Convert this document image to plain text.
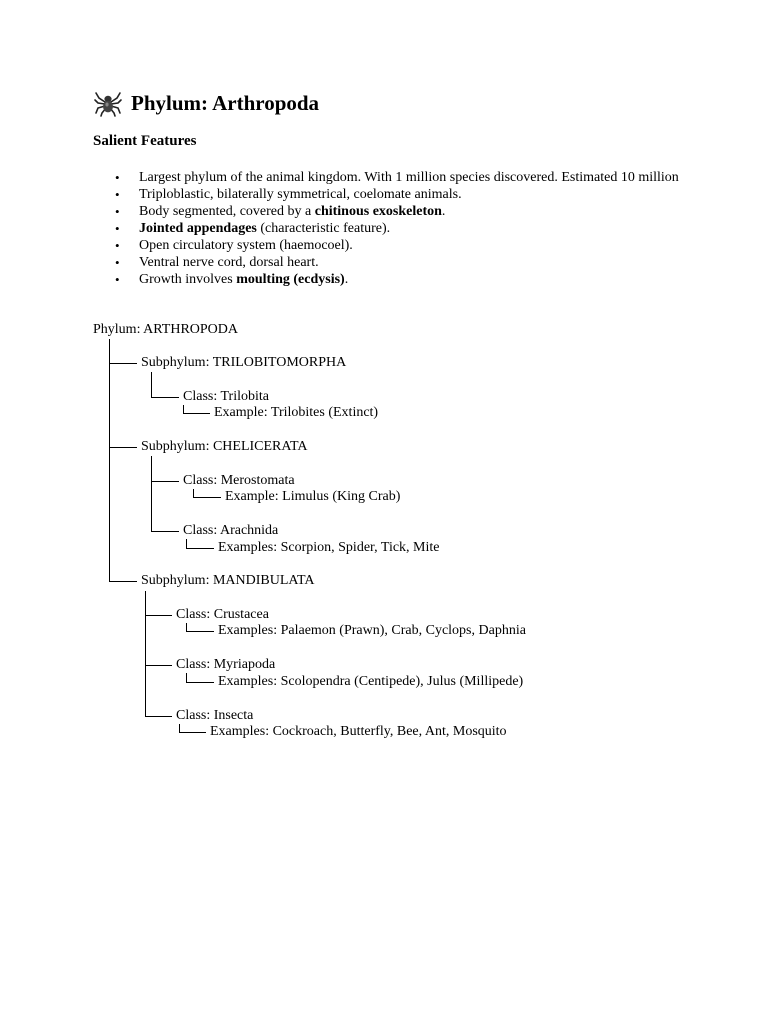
Phylum: Arthropoda
Salient Features
• Largest phylum of the animal kingdom. With 1 million species discovered. Estimated 10 million
• Triploblastic, bilaterally symmetrical, coelomate animals.
• Body segmented, covered by a chitinous exoskeleton.
• Jointed appendages (characteristic feature).
• Open circulatory system (haemocoel).
• Ventral nerve cord, dorsal heart.
• Growth involves moulting (ecdysis).
Phylum: ARTHROPODA
Subphylum: TRILOBITOMORPHA
Class: Trilobita
Example: Trilobites (Extinct)
Subphylum: CHELICERATA
Class: Merostomata
Example: Limulus (King Crab)
Class: Arachnida
Examples: Scorpion, Spider, Tick, Mite
Subphylum: MANDIBULATA
Class: Crustacea
Examples: Palaemon (Prawn), Crab, Cyclops, Daphnia
Class: Myriapoda
Examples: Scolopendra (Centipede), Julus (Millipede)
Class: Insecta
Examples: Cockroach, Butterfly, Bee, Ant, Mosquito
